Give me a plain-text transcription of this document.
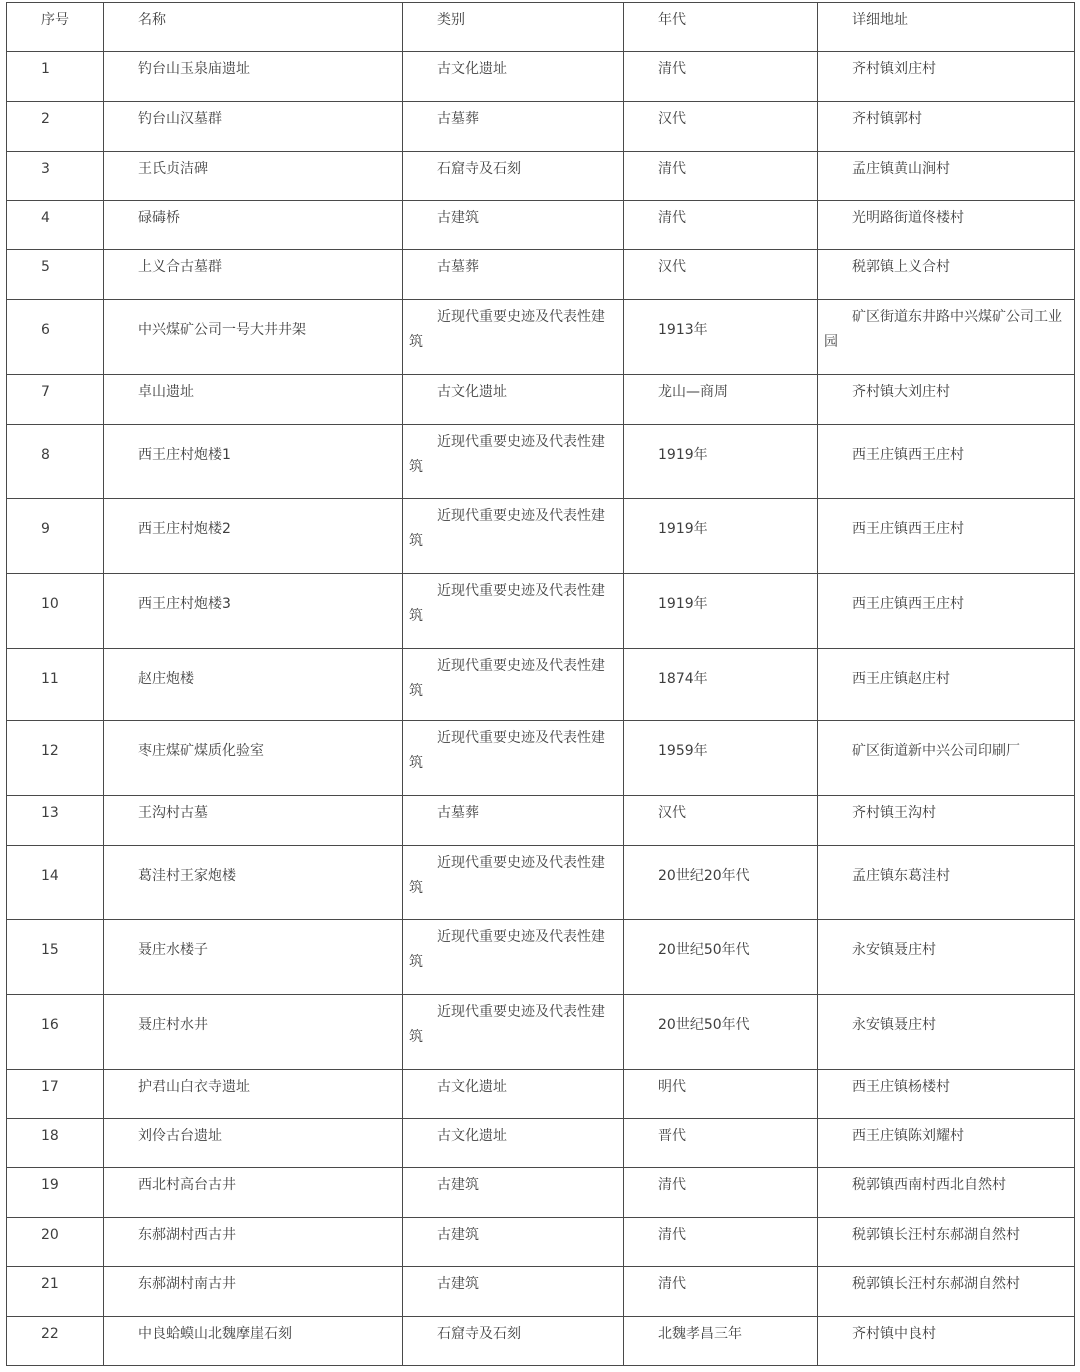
序号	名称	类别	年代	详细地址

1	钓台山玉泉庙遗址	古文化遗址	清代	齐村镇刘庄村

2	钓台山汉墓群	古墓葬	汉代	齐村镇郭村

3	王氏贞洁碑	石窟寺及石刻	清代	孟庄镇黄山涧村

4	碌碡桥	古建筑	清代	光明路街道佟楼村

5	上义合古墓群	古墓葬	汉代	税郭镇上义合村

6	中兴煤矿公司一号大井井架	近现代重要史迹及代表性建筑	1913年	矿区街道东井路中兴煤矿公司工业园

7	卓山遗址	古文化遗址	龙山—商周	齐村镇大刘庄村

8	西王庄村炮楼1	近现代重要史迹及代表性建筑	1919年	西王庄镇西王庄村

9	西王庄村炮楼2	近现代重要史迹及代表性建筑	1919年	西王庄镇西王庄村

10	西王庄村炮楼3	近现代重要史迹及代表性建筑	1919年	西王庄镇西王庄村

11	赵庄炮楼	近现代重要史迹及代表性建筑	1874年	西王庄镇赵庄村

12	枣庄煤矿煤质化验室	近现代重要史迹及代表性建筑	1959年	矿区街道新中兴公司印刷厂

13	王沟村古墓	古墓葬	汉代	齐村镇王沟村

14	葛洼村王家炮楼	近现代重要史迹及代表性建筑	20世纪20年代	孟庄镇东葛洼村

15	聂庄水楼子	近现代重要史迹及代表性建筑	20世纪50年代	永安镇聂庄村

16	聂庄村水井	近现代重要史迹及代表性建筑	20世纪50年代	永安镇聂庄村

17	护君山白衣寺遗址	古文化遗址	明代	西王庄镇杨楼村

18	刘伶古台遗址	古文化遗址	晋代	西王庄镇陈刘耀村

19	西北村高台古井	古建筑	清代	税郭镇西南村西北自然村

20	东郝湖村西古井	古建筑	清代	税郭镇长汪村东郝湖自然村

21	东郝湖村南古井	古建筑	清代	税郭镇长汪村东郝湖自然村

22	中良蛤蟆山北魏摩崖石刻	石窟寺及石刻	北魏孝昌三年	齐村镇中良村
